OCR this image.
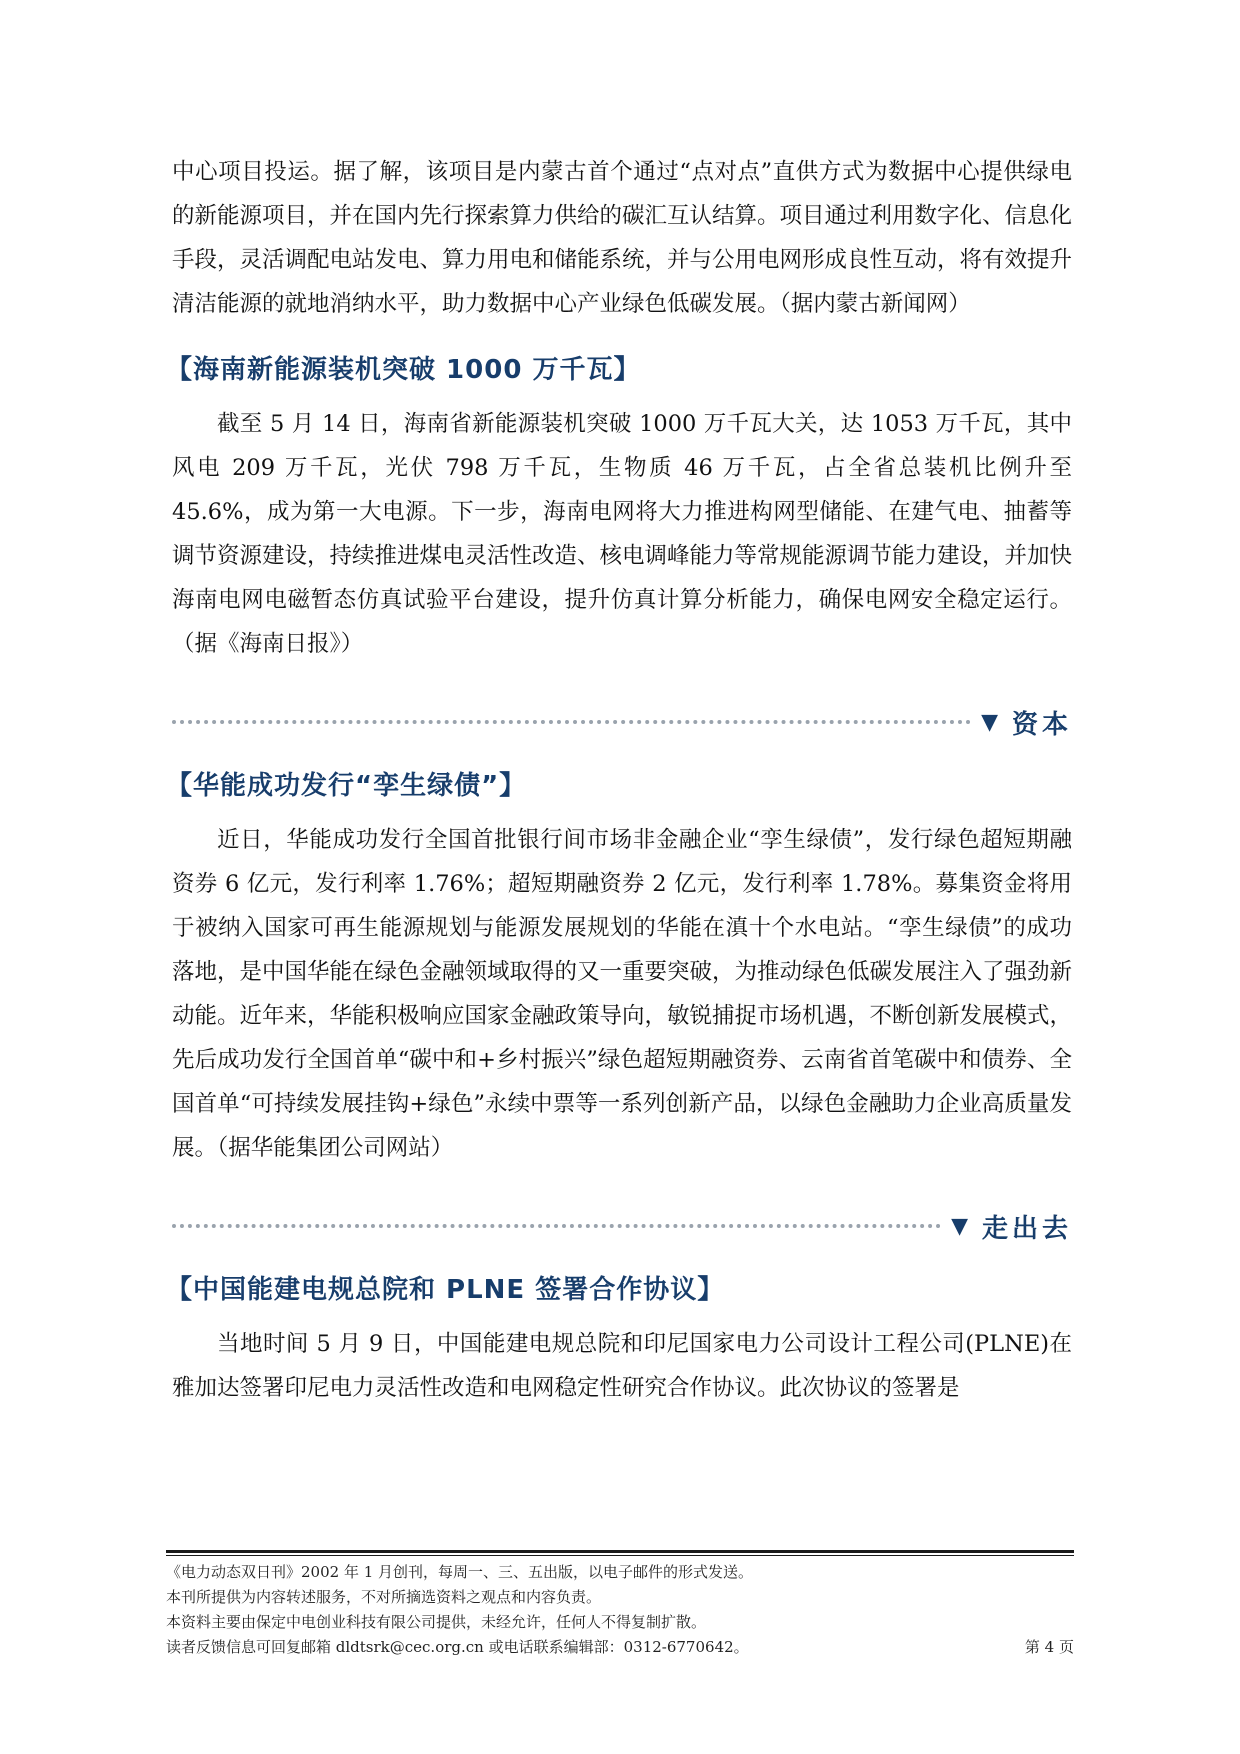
中心项目投运。据了解，该项目是内蒙古首个通过“点对点”直供方式为数据中心提供绿电的新能源项目，并在国内先行探索算力供给的碳汇互认结算。项目通过利用数字化、信息化手段，灵活调配电站发电、算力用电和储能系统，并与公用电网形成良性互动，将有效提升清洁能源的就地消纳水平，助力数据中心产业绿色低碳发展。（据内蒙古新闻网）

【海南新能源装机突破 1000 万千瓦】

截至 5 月 14 日，海南省新能源装机突破 1000 万千瓦大关，达 1053 万千瓦，其中风电 209 万千瓦，光伏 798 万千瓦，生物质 46 万千瓦，占全省总装机比例升至 45.6%，成为第一大电源。下一步，海南电网将大力推进构网型储能、在建气电、抽蓄等调节资源建设，持续推进煤电灵活性改造、核电调峰能力等常规能源调节能力建设，并加快海南电网电磁暂态仿真试验平台建设，提升仿真计算分析能力，确保电网安全稳定运行。（据《海南日报》）

▼ 资本
【华能成功发行“孪生绿债”】

近日，华能成功发行全国首批银行间市场非金融企业“孪生绿债”，发行绿色超短期融资券 6 亿元，发行利率 1.76%；超短期融资券 2 亿元，发行利率 1.78%。募集资金将用于被纳入国家可再生能源规划与能源发展规划的华能在滇十个水电站。“孪生绿债”的成功落地，是中国华能在绿色金融领域取得的又一重要突破，为推动绿色低碳发展注入了强劲新动能。近年来，华能积极响应国家金融政策导向，敏锐捕捉市场机遇，不断创新发展模式，先后成功发行全国首单“碳中和+乡村振兴”绿色超短期融资券、云南省首笔碳中和债券、全国首单“可持续发展挂钩+绿色”永续中票等一系列创新产品，以绿色金融助力企业高质量发展。（据华能集团公司网站）

▼ 走出去
【中国能建电规总院和 PLNE 签署合作协议】

当地时间 5 月 9 日，中国能建电规总院和印尼国家电力公司设计工程公司(PLNE)在雅加达签署印尼电力灵活性改造和电网稳定性研究合作协议。此次协议的签署是

《电力动态双日刊》2002 年 1 月创刊，每周一、三、五出版，以电子邮件的形式发送。
本刊所提供为内容转述服务，不对所摘选资料之观点和内容负责。
本资料主要由保定中电创业科技有限公司提供，未经允许，任何人不得复制扩散。
读者反馈信息可回复邮箱 dldtsrk@cec.org.cn 或电话联系编辑部：0312-6770642。	第 4 页
